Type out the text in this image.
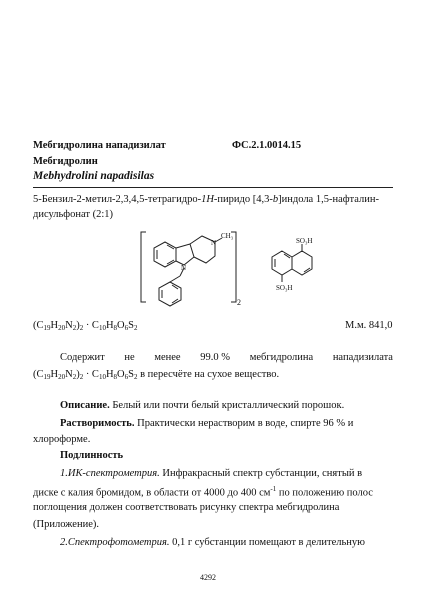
Мебгидролина нападизилат	ФС.2.1.0014.15
Мебгидролин
Mebhydrolini napadisilas
5-Бензил-2-метил-2,3,4,5-тетрагидро-1Н-пиридо [4,3-b]индола 1,5-нафталин-
дисульфонат (2:1)
CH₃
N
N
SO₃H
SO₃H
2
$(C_{19}H_{20}N_2)_2 \cdot C_{10}H_8O_6S_2$	М.м. 841,0
Содержит не менее 99.0 % мебгидролина нападизилата
$(C_{19}H_{20}N_2)_2 \cdot C_{10}H_8O_6S_2$ в пересчёте на сухое вещество.
Описание. Белый или почти белый кристаллический порошок.
Растворимость. Практически нерастворим в воде, спирте 96 % и
хлороформе.
Подлинность
1.ИК-спектрометрия. Инфракрасный спектр субстанции, снятый в
диске с калия бромидом, в области от 4000 до 400 $см^{-1}$ по положению полос
поглощения должен соответствовать рисунку спектра мебгидролина
(Приложение).
2.Спектрофотометрия. 0,1 г субстанции помещают в делительную
4292
